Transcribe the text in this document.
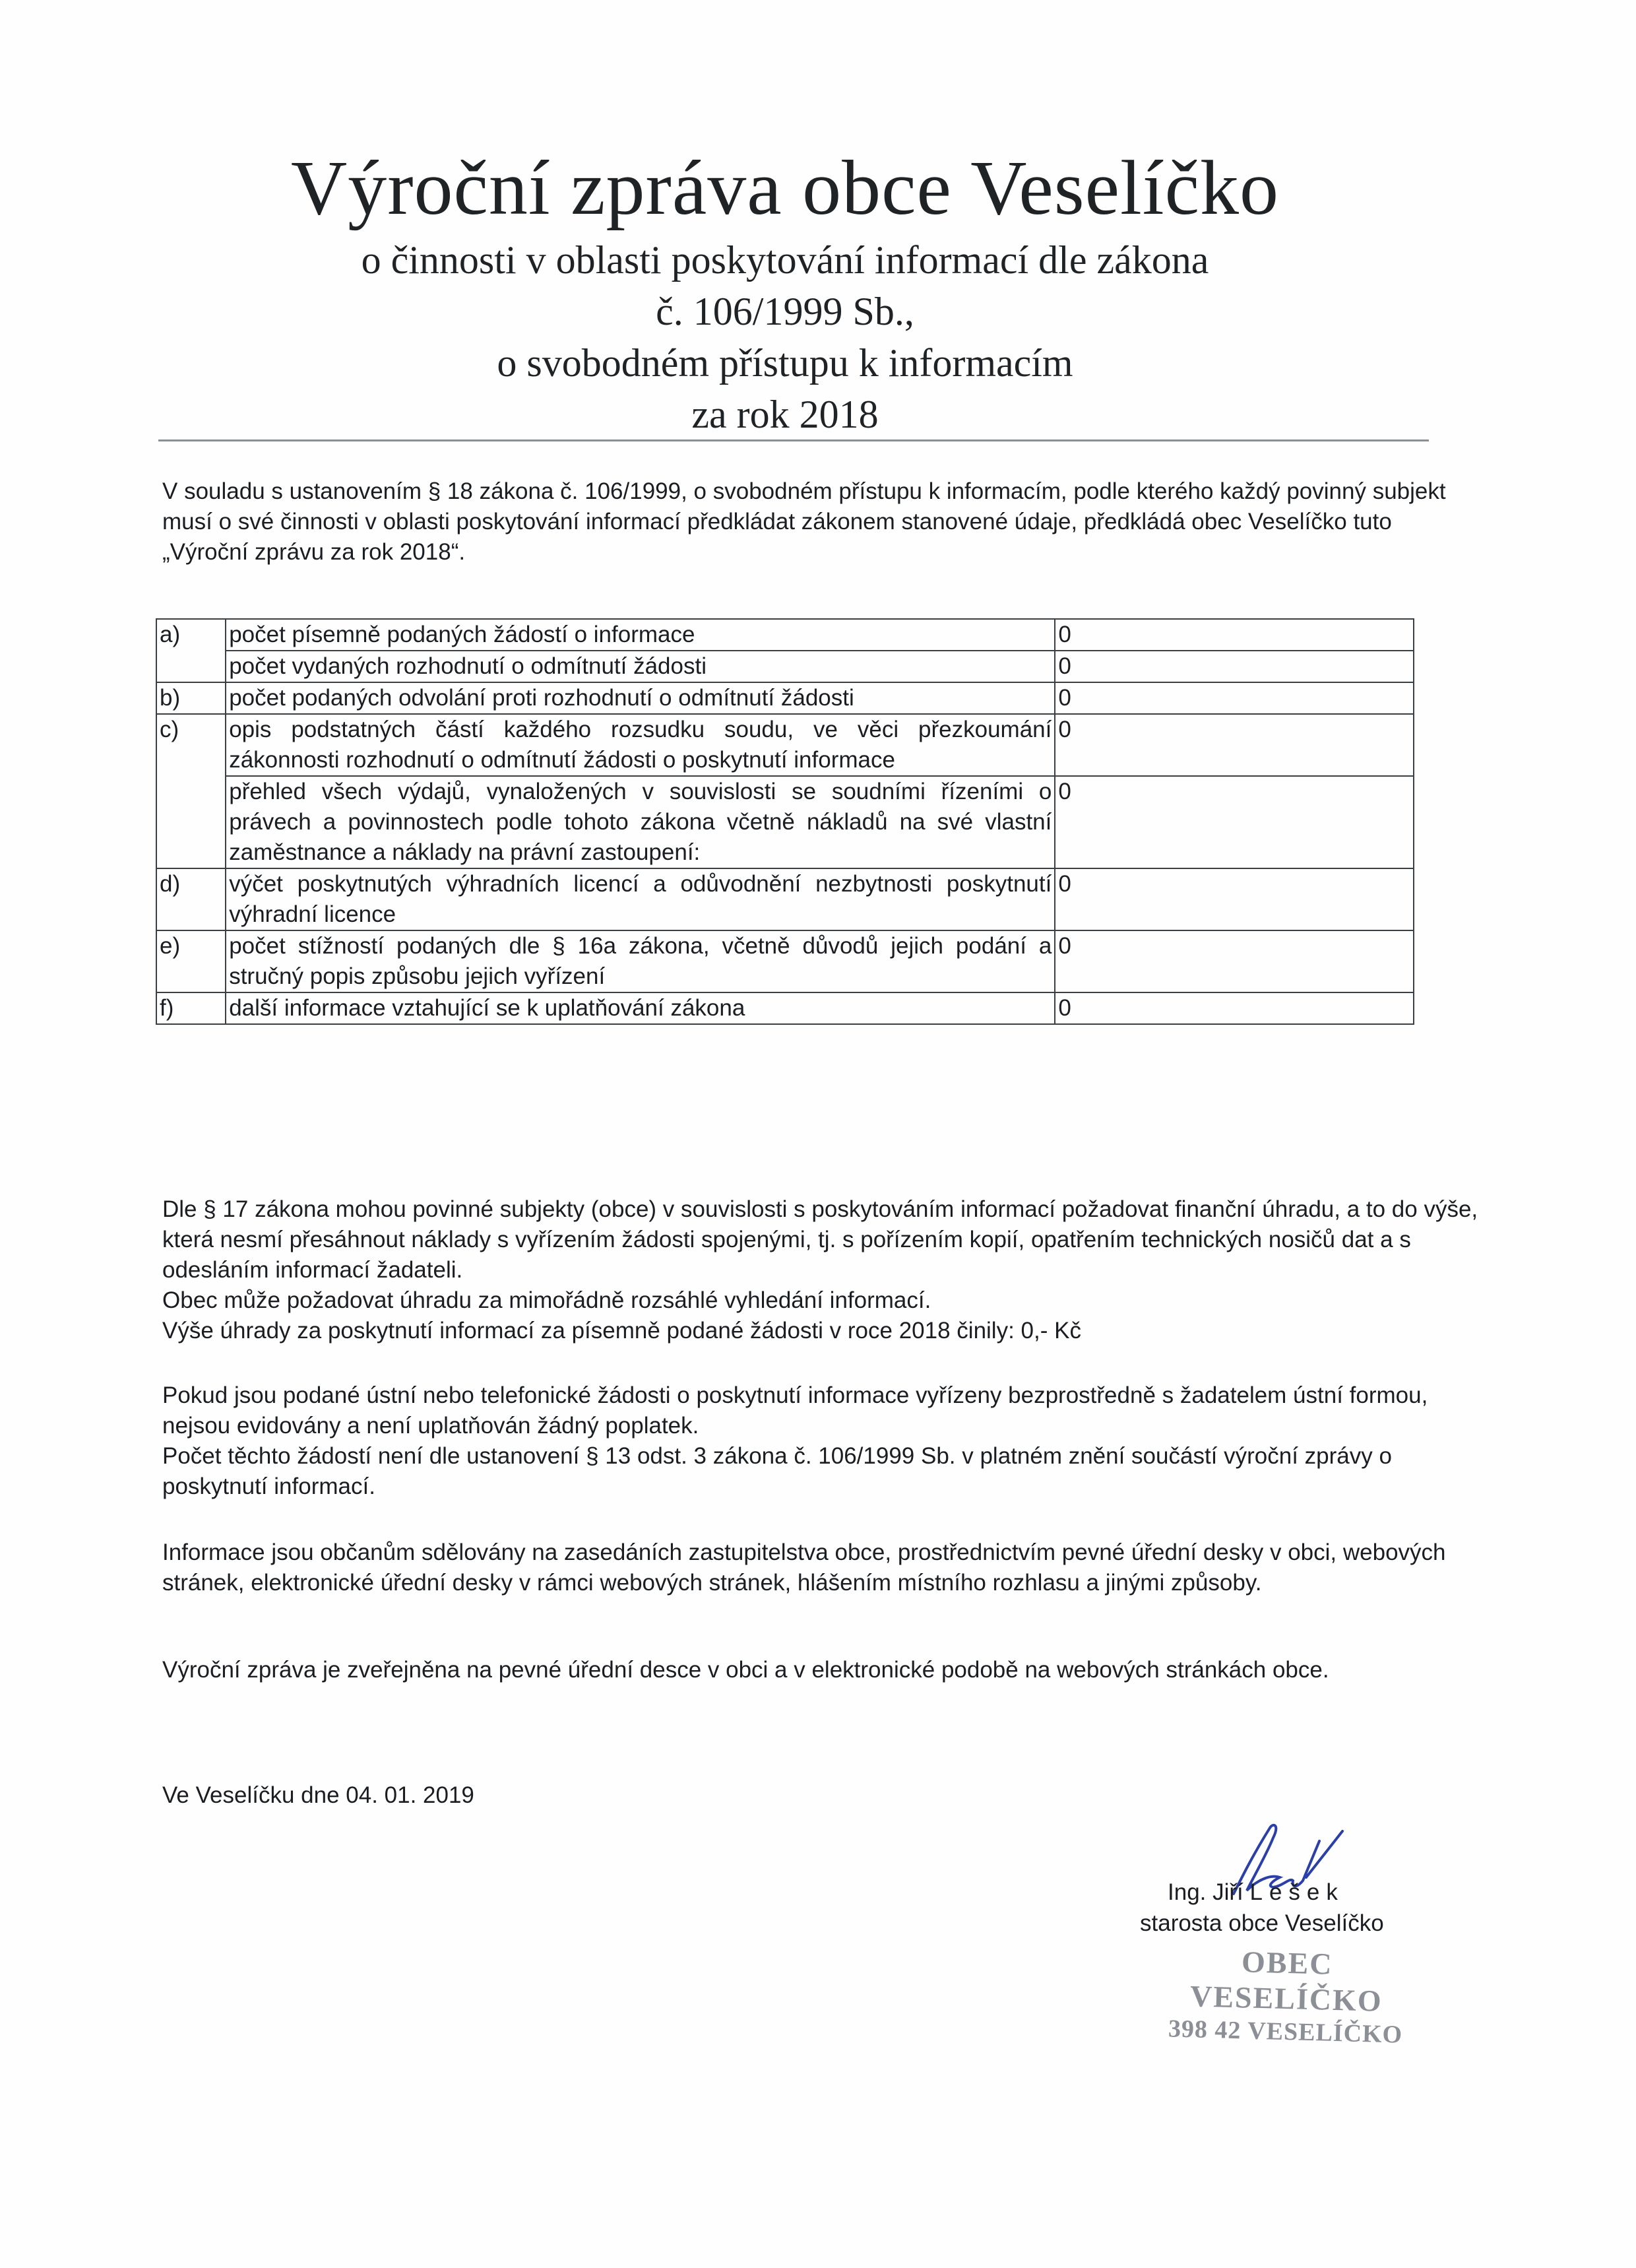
Výroční zpráva obce Veselíčko

o činnosti v oblasti poskytování informací dle zákona

č. 106/1999 Sb.,

o svobodném přístupu k informacím

za rok 2018

V souladu s ustanovením § 18 zákona č. 106/1999, o svobodném přístupu k informacím, podle kterého každý povinný subjekt musí o své činnosti v oblasti poskytování informací předkládat zákonem stanovené údaje, předkládá obec Veselíčko tuto „Výroční zprávu za rok 2018“.

a)	počet písemně podaných žádostí o informace	0
	počet vydaných rozhodnutí o odmítnutí žádosti	0
b)	počet podaných odvolání proti rozhodnutí o odmítnutí žádosti	0
c)	opis podstatných částí každého rozsudku soudu, ve věci přezkoumání zákonnosti rozhodnutí o odmítnutí žádosti o poskytnutí informace	0
	přehled všech výdajů, vynaložených v souvislosti se soudními řízeními o právech a povinnostech podle tohoto zákona včetně nákladů na své vlastní zaměstnance a náklady na právní zastoupení:	0
d)	výčet poskytnutých výhradních licencí a odůvodnění nezbytnosti poskytnutí výhradní licence	0
e)	počet stížností podaných dle § 16a zákona, včetně důvodů jejich podání a stručný popis způsobu jejich vyřízení	0
f)	další informace vztahující se k uplatňování zákona	0

Dle § 17 zákona mohou povinné subjekty (obce) v souvislosti s poskytováním informací požadovat finanční úhradu, a to do výše, která nesmí přesáhnout náklady s vyřízením žádosti spojenými, tj. s pořízením kopií, opatřením technických nosičů dat a s odesláním informací žadateli.

Obec může požadovat úhradu za mimořádně rozsáhlé vyhledání informací.

Výše úhrady za poskytnutí informací za písemně podané žádosti v roce 2018 činily: 0,- Kč

Pokud jsou podané ústní nebo telefonické žádosti o poskytnutí informace vyřízeny bezprostředně s žadatelem ústní formou, nejsou evidovány a není uplatňován žádný poplatek.

Počet těchto žádostí není dle ustanovení § 13 odst. 3 zákona č. 106/1999 Sb. v platném znění součástí výroční zprávy o poskytnutí informací.

Informace jsou občanům sdělovány na zasedáních zastupitelstva obce, prostřednictvím pevné úřední desky v obci, webových stránek, elektronické úřední desky v rámci webových stránek, hlášením místního rozhlasu a jinými způsoby.

Výroční zpráva je zveřejněna na pevné úřední desce v obci a v elektronické podobě na webových stránkách obce.

Ve Veselíčku dne 04. 01. 2019

Ing. Jiří Lešek
starosta obce Veselíčko
OBEC VESELÍČKO
398 42 VESELÍČKO
